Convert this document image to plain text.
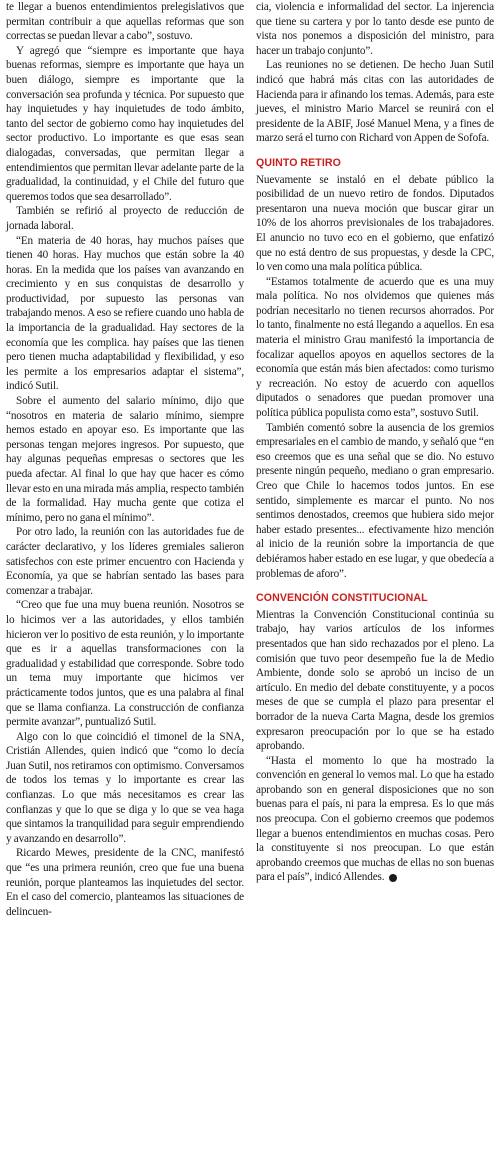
te llegar a buenos entendimientos prelegislativos que permitan contribuir a que aquellas reformas que son correctas se puedan llevar a cabo”, sostuvo.

Y agregó que “siempre es importante que haya buenas reformas, siempre es importante que haya un buen diálogo, siempre es importante que la conversación sea profunda y técnica. Por supuesto que hay inquietudes y hay inquietudes de todo ámbito, tanto del sector de gobierno como hay inquietudes del sector productivo. Lo importante es que esas sean dialogadas, conversadas, que permitan llegar a entendimientos que permitan llevar adelante parte de la gradualidad, la continuidad, y el Chile del futuro que queremos todos que sea desarrollado”.

También se refirió al proyecto de reducción de jornada laboral.

“En materia de 40 horas, hay muchos países que tienen 40 horas. Hay muchos que están sobre la 40 horas. En la medida que los países van avanzando en crecimiento y en sus conquistas de desarrollo y productividad, por supuesto las personas van trabajando menos. A eso se refiere cuando uno habla de la importancia de la gradualidad. Hay sectores de la economía que les complica. hay países que las tienen pero tienen mucha adaptabilidad y flexibilidad, y eso les permite a los empresarios adaptar el sistema”, indicó Sutil.

Sobre el aumento del salario mínimo, dijo que “nosotros en materia de salario mínimo, siempre hemos estado en apoyar eso. Es importante que las personas tengan mejores ingresos. Por supuesto, que hay algunas pequeñas empresas o sectores que les pueda afectar. Al final lo que hay que hacer es cómo llevar esto en una mirada más amplia, respecto también de la formalidad. Hay mucha gente que cotiza el mínimo, pero no gana el mínimo”.

Por otro lado, la reunión con las autoridades fue de carácter declarativo, y los líderes gremiales salieron satisfechos con este primer encuentro con Hacienda y Economía, ya que se habrían sentado las bases para comenzar a trabajar.

“Creo que fue una muy buena reunión. Nosotros se lo hicimos ver a las autoridades, y ellos también hicieron ver lo positivo de esta reunión, y lo importante que es ir a aquellas transformaciones con la gradualidad y estabilidad que corresponde. Sobre todo un tema muy importante que hicimos ver prácticamente todos juntos, que es una palabra al final que se llama confianza. La construcción de confianza permite avanzar”, puntualizó Sutil.

Algo con lo que coincidió el timonel de la SNA, Cristián Allendes, quien indicó que “como lo decía Juan Sutil, nos retiramos con optimismo. Conversamos de todos los temas y lo importante es crear las confianzas. Lo que más necesitamos es crear las confianzas y que lo que se diga y lo que se vea haga que sintamos la tranquilidad para seguir emprendiendo y avanzando en desarrollo”.

Ricardo Mewes, presidente de la CNC, manifestó que “es una primera reunión, creo que fue una buena reunión, porque planteamos las inquietudes del sector. En el caso del comercio, planteamos las situaciones de delincuen-

cia, violencia e informalidad del sector. La injerencia que tiene su cartera y por lo tanto desde ese punto de vista nos ponemos a disposición del ministro, para hacer un trabajo conjunto”.

Las reuniones no se detienen. De hecho Juan Sutil indicó que habrá más citas con las autoridades de Hacienda para ir afinando los temas. Además, para este jueves, el ministro Mario Marcel se reunirá con el presidente de la ABIF, José Manuel Mena, y a fines de marzo será el turno con Richard von Appen de Sofofa.

QUINTO RETIRO

Nuevamente se instaló en el debate público la posibilidad de un nuevo retiro de fondos. Diputados presentaron una nueva moción que buscar girar un 10% de los ahorros previsionales de los trabajadores. El anuncio no tuvo eco en el gobierno, que enfatizó que no está dentro de sus propuestas, y desde la CPC, lo ven como una mala política pública.

“Estamos totalmente de acuerdo que es una muy mala política. No nos olvidemos que quienes más podrían necesitarlo no tienen recursos ahorrados. Por lo tanto, finalmente no está llegando a aquellos. En esa materia el ministro Grau manifestó la importancia de focalizar aquellos apoyos en aquellos sectores de la economía que están más bien afectados: como turismo y recreación. No estoy de acuerdo con aquellos diputados o senadores que puedan promover una política pública populista como esta”, sostuvo Sutil.

También comentó sobre la ausencia de los gremios empresariales en el cambio de mando, y señaló que “en eso creemos que es una señal que se dio. No estuvo presente ningún pequeño, mediano o gran empresario. Creo que Chile lo hacemos todos juntos. En ese sentido, simplemente es marcar el punto. No nos sentimos denostados, creemos que hubiera sido mejor haber estado presentes... efectivamente hizo mención al inicio de la reunión sobre la importancia de que debiéramos haber estado en ese lugar, y que obedecía a problemas de aforo”.

CONVENCIÓN CONSTITUCIONAL

Mientras la Convención Constitucional continúa su trabajo, hay varios artículos de los informes presentados que han sido rechazados por el pleno. La comisión que tuvo peor desempeño fue la de Medio Ambiente, donde solo se aprobó un inciso de un artículo. En medio del debate constituyente, y a pocos meses de que se cumpla el plazo para presentar el borrador de la nueva Carta Magna, desde los gremios expresaron preocupación por lo que se ha estado aprobando.

“Hasta el momento lo que ha mostrado la convención en general lo vemos mal. Lo que ha estado aprobando son en general disposiciones que no son buenas para el país, ni para la empresa. Es lo que más nos preocupa. Con el gobierno creemos que podemos llegar a buenos entendimientos en muchas cosas. Pero la constituyente si nos preocupan. Lo que están aprobando creemos que muchas de ellas no son buenas para el país”, indicó Allendes. P
